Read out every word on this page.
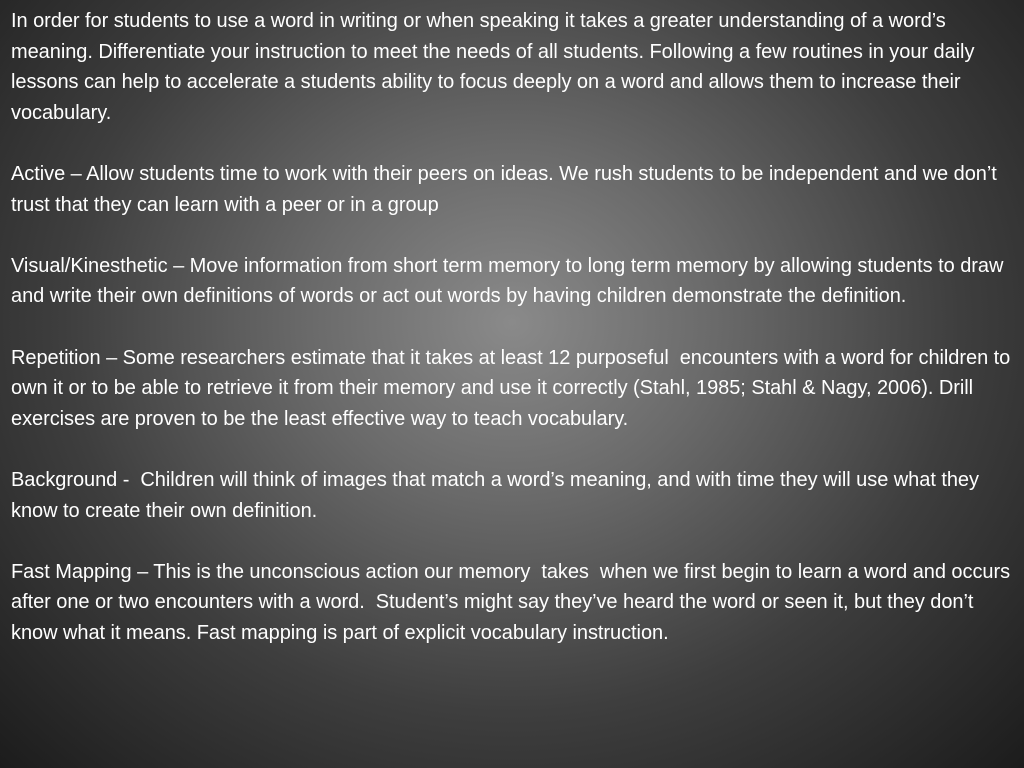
In order for students to use a word in writing or when speaking it takes a greater understanding of a word’s meaning. Differentiate your instruction to meet the needs of all students. Following a few routines in your daily lessons can help to accelerate a students ability to focus deeply on a word and allows them to increase their vocabulary.

Active – Allow students time to work with their peers on ideas. We rush students to be independent and we don’t trust that they can learn with a peer or in a group

Visual/Kinesthetic – Move information from short term memory to long term memory by allowing students to draw  and write their own definitions of words or act out words by having children demonstrate the definition.

Repetition – Some researchers estimate that it takes at least 12 purposeful  encounters with a word for children to own it or to be able to retrieve it from their memory and use it correctly (Stahl, 1985; Stahl & Nagy, 2006). Drill exercises are proven to be the least effective way to teach vocabulary.

Background -  Children will think of images that match a word’s meaning, and with time they will use what they know to create their own definition.

Fast Mapping – This is the unconscious action our memory  takes  when we first begin to learn a word and occurs after one or two encounters with a word.  Student’s might say they’ve heard the word or seen it, but they don’t know what it means. Fast mapping is part of explicit vocabulary instruction.
